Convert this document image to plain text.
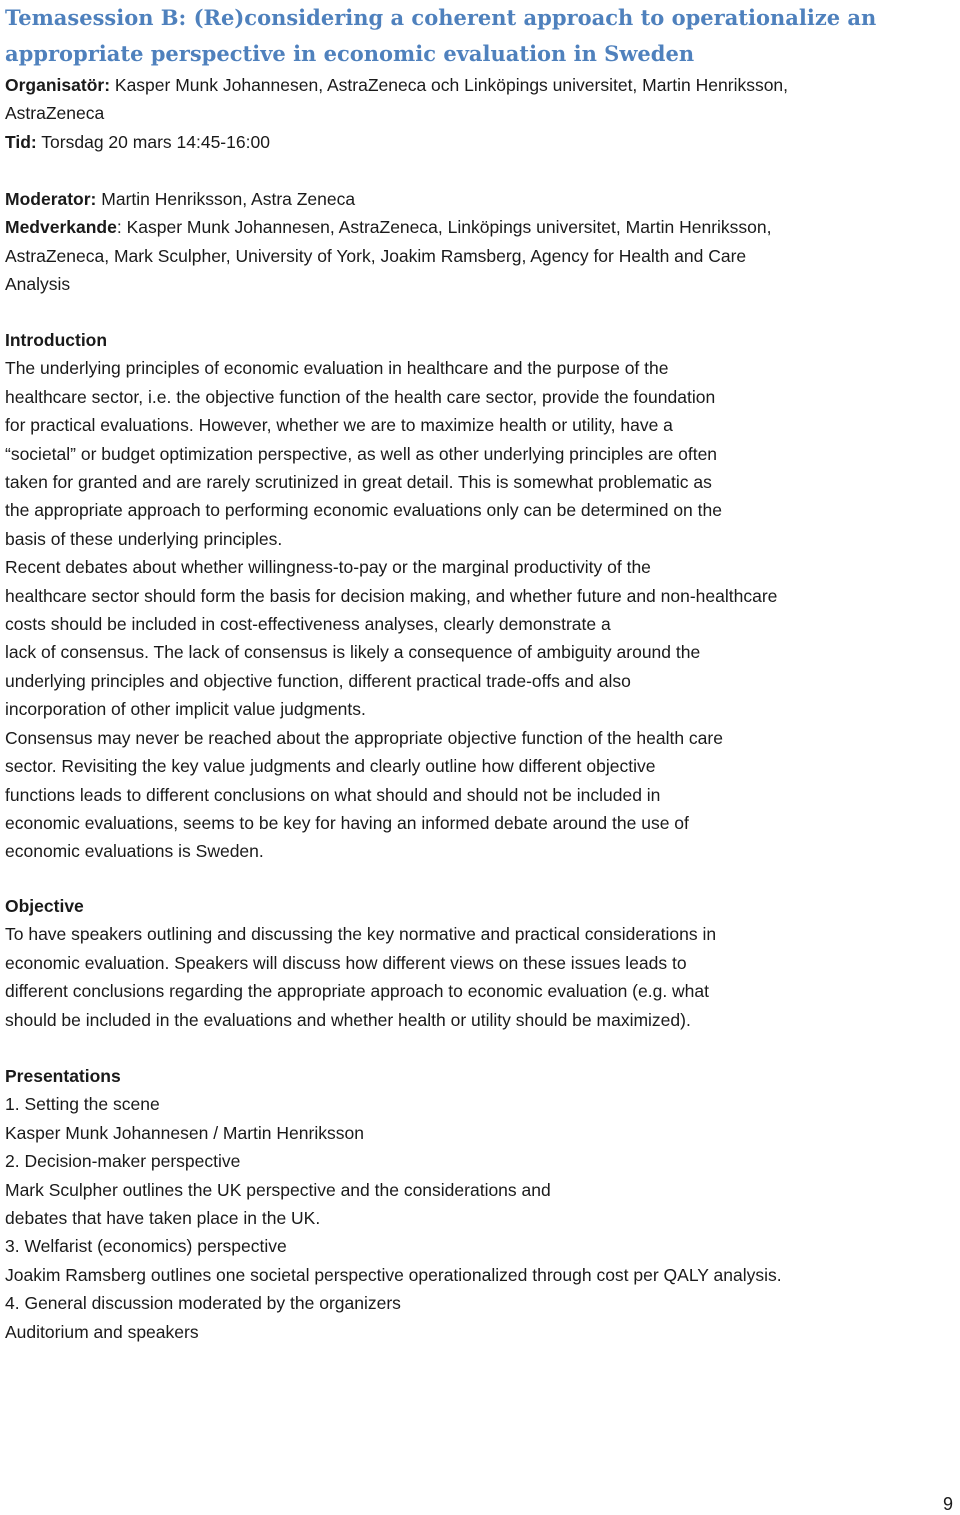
Temasession B: (Re)considering a coherent approach to operationalize an
appropriate perspective in economic evaluation in Sweden
Organisatör: Kasper Munk Johannesen, AstraZeneca och Linköpings universitet, Martin Henriksson,
AstraZeneca
Tid: Torsdag 20 mars 14:45-16:00
Moderator: Martin Henriksson, Astra Zeneca
Medverkande: Kasper Munk Johannesen, AstraZeneca, Linköpings universitet, Martin Henriksson,
AstraZeneca, Mark Sculpher, University of York, Joakim Ramsberg, Agency for Health and Care
Analysis
Introduction
The underlying principles of economic evaluation in healthcare and the purpose of the
healthcare sector, i.e. the objective function of the health care sector, provide the foundation
for practical evaluations. However, whether we are to maximize health or utility, have a
“societal” or budget optimization perspective, as well as other underlying principles are often
taken for granted and are rarely scrutinized in great detail. This is somewhat problematic as
the appropriate approach to performing economic evaluations only can be determined on the
basis of these underlying principles.
Recent debates about whether willingness-to-pay or the marginal productivity of the
healthcare sector should form the basis for decision making, and whether future and non-healthcare
costs should be included in cost-effectiveness analyses, clearly demonstrate a
lack of consensus. The lack of consensus is likely a consequence of ambiguity around the
underlying principles and objective function, different practical trade-offs and also
incorporation of other implicit value judgments.
Consensus may never be reached about the appropriate objective function of the health care
sector. Revisiting the key value judgments and clearly outline how different objective
functions leads to different conclusions on what should and should not be included in
economic evaluations, seems to be key for having an informed debate around the use of
economic evaluations is Sweden.
Objective
To have speakers outlining and discussing the key normative and practical considerations in
economic evaluation. Speakers will discuss how different views on these issues leads to
different conclusions regarding the appropriate approach to economic evaluation (e.g. what
should be included in the evaluations and whether health or utility should be maximized).
Presentations
1. Setting the scene
Kasper Munk Johannesen / Martin Henriksson
2. Decision-maker perspective
Mark Sculpher outlines the UK perspective and the considerations and
debates that have taken place in the UK.
3. Welfarist (economics) perspective
Joakim Ramsberg outlines one societal perspective operationalized through cost per QALY analysis.
4. General discussion moderated by the organizers
Auditorium and speakers
9
